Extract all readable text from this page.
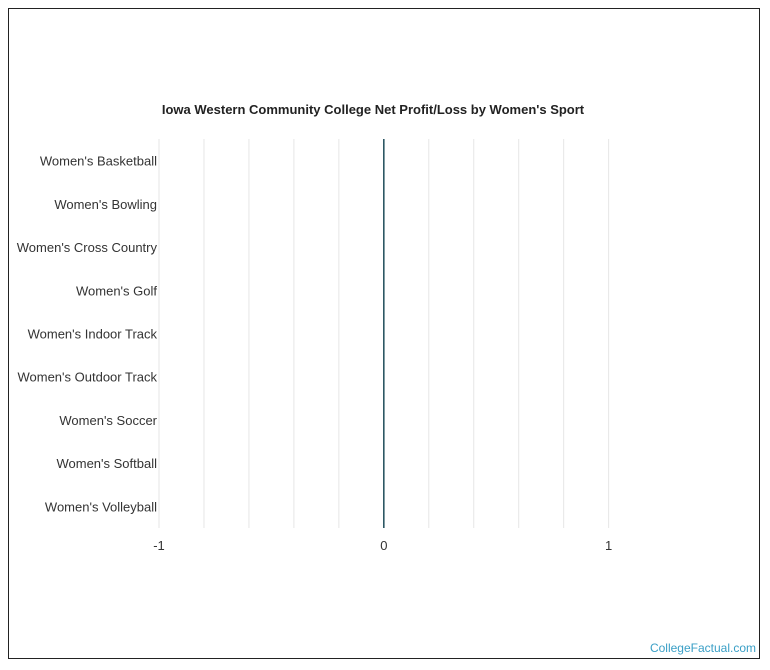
Iowa Western Community College Net Profit/Loss by Women's Sport
Women's Basketball
Women's Bowling
Women's Cross Country
Women's Golf
Women's Indoor Track
Women's Outdoor Track
Women's Soccer
Women's Softball
Women's Volleyball
-1	0	1
CollegeFactual.com
